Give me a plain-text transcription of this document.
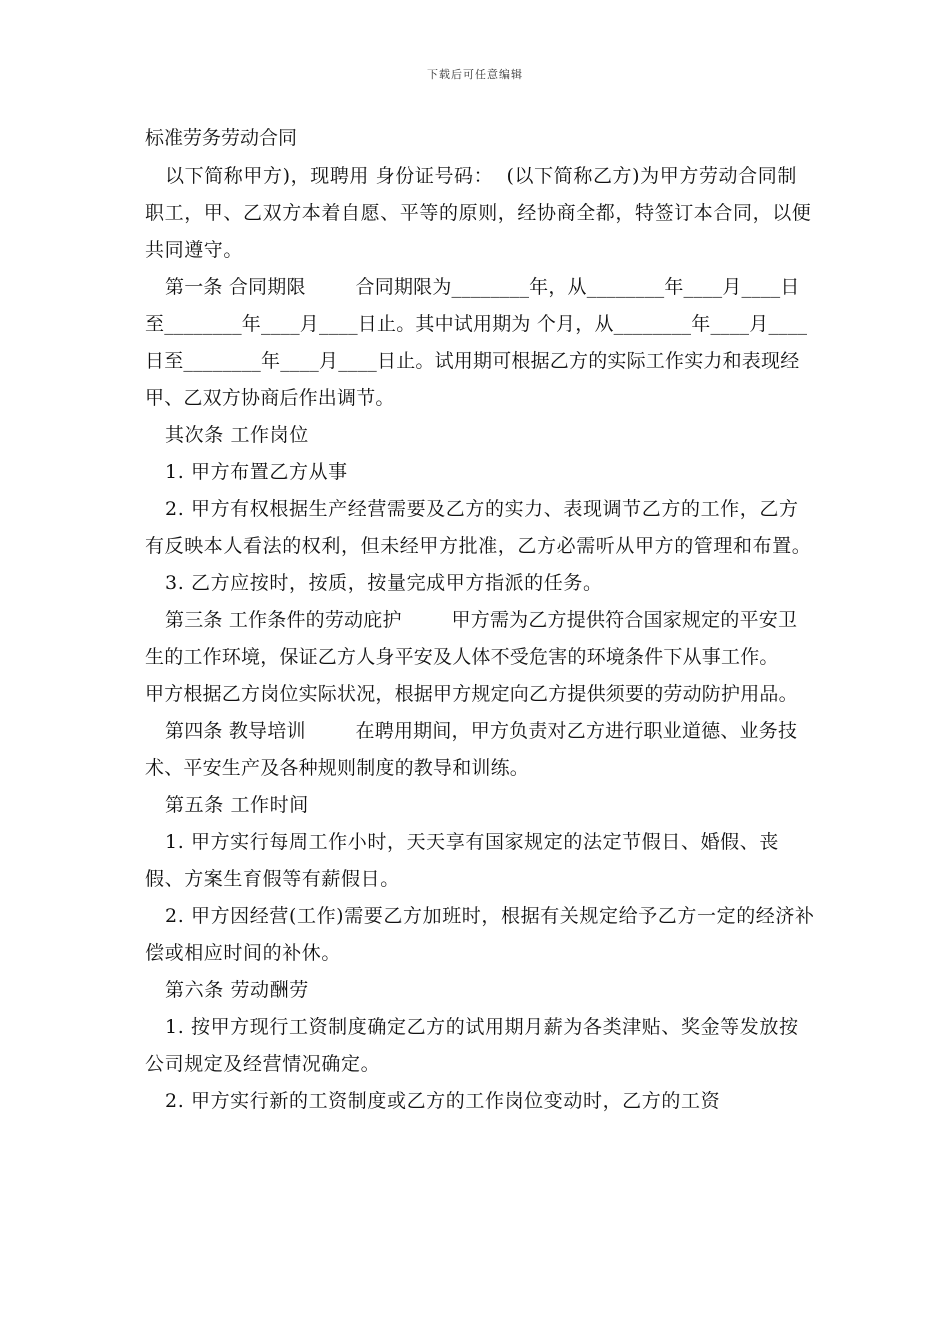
下载后可任意编辑
标准劳务劳动合同

以下简称甲方)，现聘用 身份证号码：  (以下简称乙方)为甲方劳动合同制职工，甲、乙双方本着自愿、平等的原则，经协商全都，特签订本合同，以便共同遵守。

第一条 合同期限        合同期限为________年，从________年____月____日至________年____月____日止。其中试用期为 个月，从________年____月____日至________年____月____日止。试用期可根据乙方的实际工作实力和表现经甲、乙双方协商后作出调节。

其次条 工作岗位

1. 甲方布置乙方从事

2. 甲方有权根据生产经营需要及乙方的实力、表现调节乙方的工作，乙方有反映本人看法的权利，但未经甲方批准，乙方必需听从甲方的管理和布置。

3. 乙方应按时，按质，按量完成甲方指派的任务。

第三条 工作条件的劳动庇护        甲方需为乙方提供符合国家规定的平安卫生的工作环境，保证乙方人身平安及人体不受危害的环境条件下从事工作。        甲方根据乙方岗位实际状况，根据甲方规定向乙方提供须要的劳动防护用品。

第四条 教导培训        在聘用期间，甲方负责对乙方进行职业道德、业务技术、平安生产及各种规则制度的教导和训练。

第五条 工作时间

1. 甲方实行每周工作小时，天天享有国家规定的法定节假日、婚假、丧假、方案生育假等有薪假日。

2. 甲方因经营(工作)需要乙方加班时，根据有关规定给予乙方一定的经济补偿或相应时间的补休。

第六条 劳动酬劳

1. 按甲方现行工资制度确定乙方的试用期月薪为各类津贴、奖金等发放按公司规定及经营情况确定。

2. 甲方实行新的工资制度或乙方的工作岗位变动时，乙方的工资
